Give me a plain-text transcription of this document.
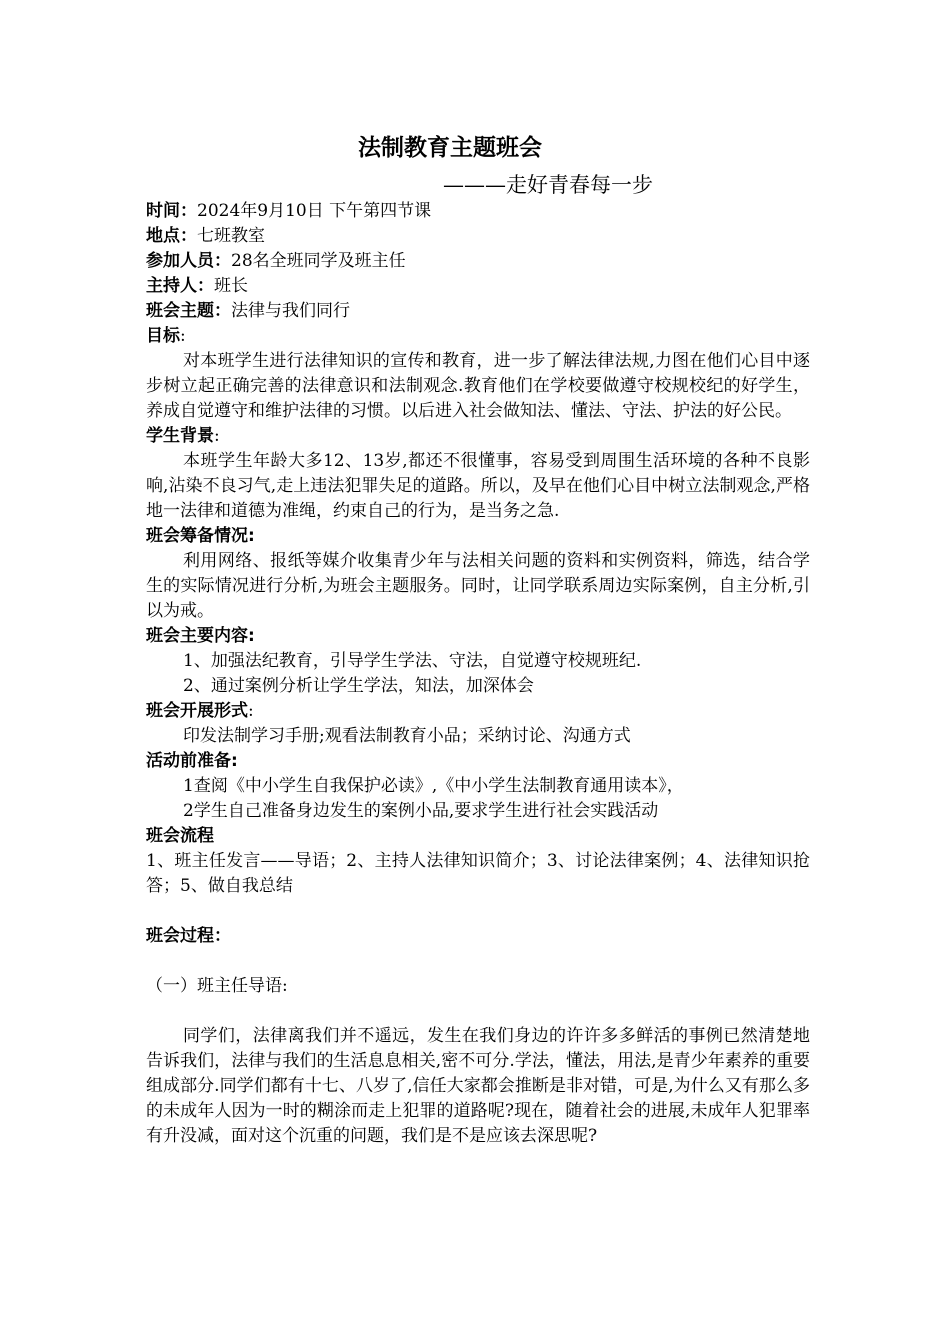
法制教育主题班会
———走好青春每一步
时间：2024年9月10日 下午第四节课
地点：七班教室
参加人员：28名全班同学及班主任
主持人：班长
班会主题：法律与我们同行
目标:

对本班学生进行法律知识的宣传和教育，进一步了解法律法规,力图在他们心目中逐步树立起正确完善的法律意识和法制观念.教育他们在学校要做遵守校规校纪的好学生，养成自觉遵守和维护法律的习惯。以后进入社会做知法、懂法、守法、护法的好公民。

学生背景:

本班学生年龄大多12、13岁,都还不很懂事，容易受到周围生活环境的各种不良影响,沾染不良习气,走上违法犯罪失足的道路。所以，及早在他们心目中树立法制观念,严格地一法律和道德为准绳，约束自己的行为，是当务之急.

班会筹备情况:

利用网络、报纸等媒介收集青少年与法相关问题的资料和实例资料，筛选，结合学生的实际情况进行分析,为班会主题服务。同时，让同学联系周边实际案例，自主分析,引以为戒。

班会主要内容:
1、加强法纪教育，引导学生学法、守法，自觉遵守校规班纪.
2、通过案例分析让学生学法，知法，加深体会
班会开展形式:
印发法制学习手册;观看法制教育小品；采纳讨论、沟通方式
活动前准备:
1查阅《中小学生自我保护必读》,《中小学生法制教育通用读本》，
2学生自己准备身边发生的案例小品,要求学生进行社会实践活动
班会流程

1、班主任发言——导语；2、主持人法律知识简介；3、讨论法律案例；4、法律知识抢答；5、做自我总结

班会过程：
（一）班主任导语:

同学们，法律离我们并不遥远，发生在我们身边的许许多多鲜活的事例已然清楚地告诉我们，法律与我们的生活息息相关,密不可分.学法，懂法，用法,是青少年素养的重要组成部分.同学们都有十七、八岁了,信任大家都会推断是非对错，可是,为什么又有那么多的未成年人因为一时的糊涂而走上犯罪的道路呢?现在，随着社会的进展,未成年人犯罪率有升没减，面对这个沉重的问题，我们是不是应该去深思呢?
